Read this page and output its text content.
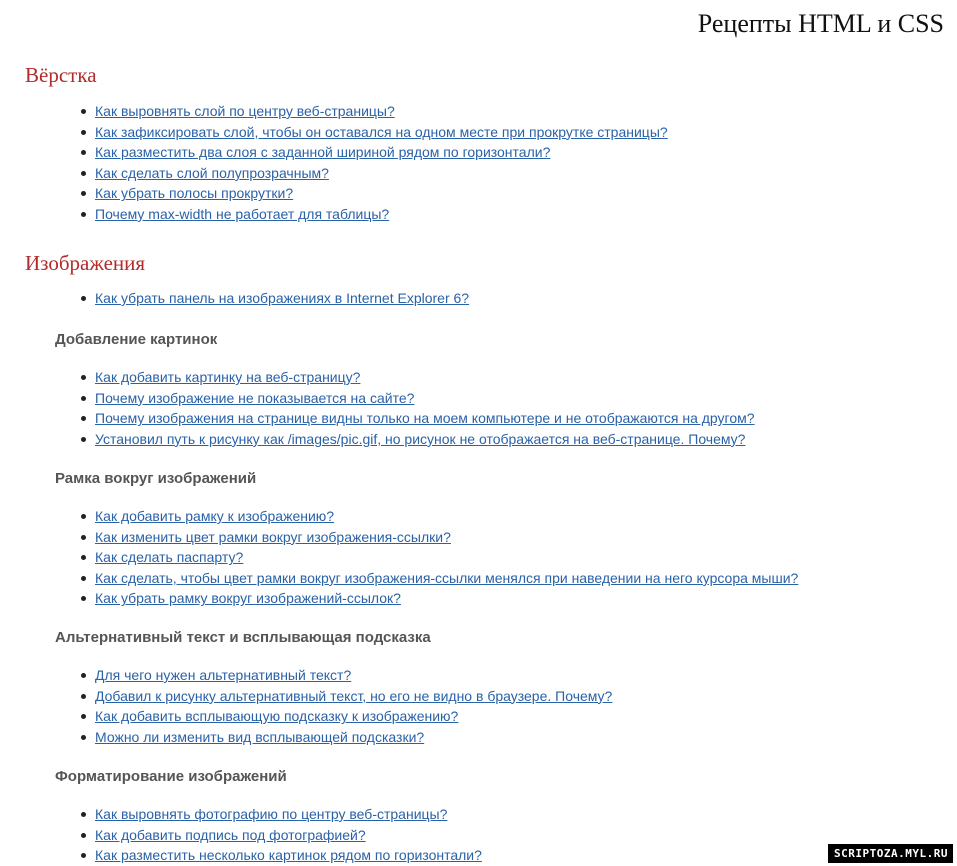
Рецепты HTML и CSS
Вёрстка
Как выровнять слой по центру веб-страницы?
Как зафиксировать слой, чтобы он оставался на одном месте при прокрутке страницы?
Как разместить два слоя с заданной шириной рядом по горизонтали?
Как сделать слой полупрозрачным?
Как убрать полосы прокрутки?
Почему max-width не работает для таблицы?
Изображения
Как убрать панель на изображениях в Internet Explorer 6?
Добавление картинок
Как добавить картинку на веб-страницу?
Почему изображение не показывается на сайте?
Почему изображения на странице видны только на моем компьютере и не отображаются на другом?
Установил путь к рисунку как /images/pic.gif, но рисунок не отображается на веб-странице. Почему?
Рамка вокруг изображений
Как добавить рамку к изображению?
Как изменить цвет рамки вокруг изображения-ссылки?
Как сделать паспарту?
Как сделать, чтобы цвет рамки вокруг изображения-ссылки менялся при наведении на него курсора мыши?
Как убрать рамку вокруг изображений-ссылок?
Альтернативный текст и всплывающая подсказка
Для чего нужен альтернативный текст?
Добавил к рисунку альтернативный текст, но его не видно в браузере. Почему?
Как добавить всплывающую подсказку к изображению?
Можно ли изменить вид всплывающей подсказки?
Форматирование изображений
Как выровнять фотографию по центру веб-страницы?
Как добавить подпись под фотографией?
Как разместить несколько картинок рядом по горизонтали?	SCRIPTOZA.MYL.RU
